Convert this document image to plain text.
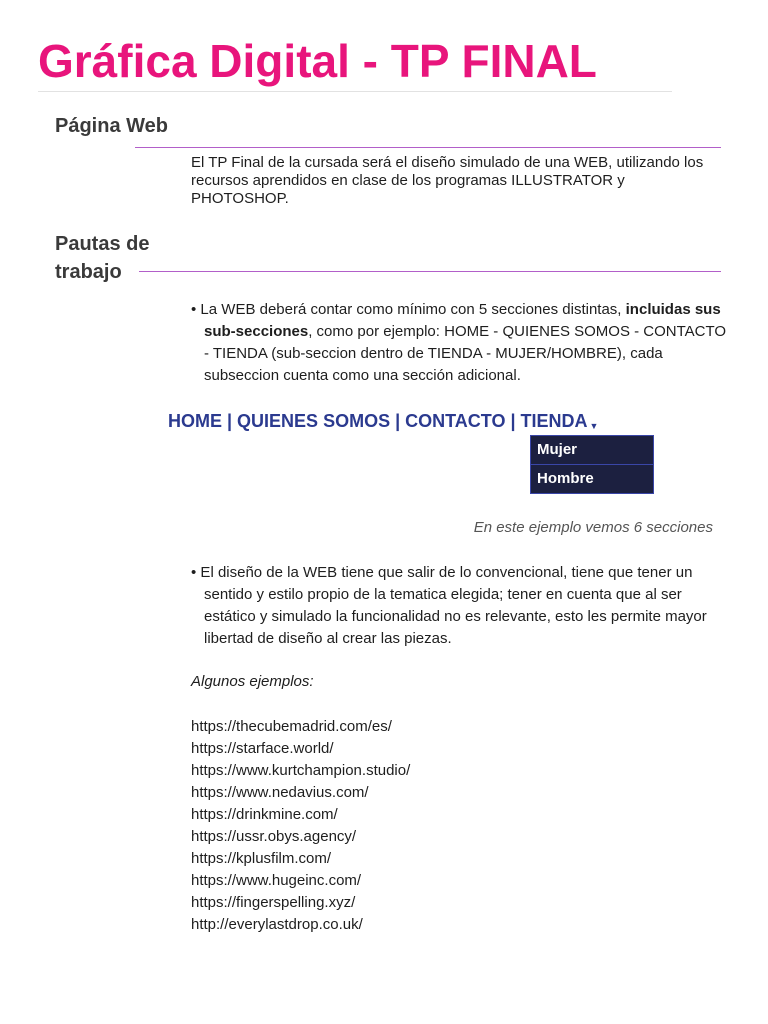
Gráfica Digital - TP FINAL
Página Web

El TP Final de la cursada será el diseño simulado de una WEB, utilizando los recursos aprendidos en clase de los programas ILLUSTRATOR y PHOTOSHOP.

Pautas de
trabajo

• La WEB deberá contar como mínimo con 5 secciones distintas, incluidas sus sub-secciones, como por ejemplo: HOME - QUIENES SOMOS - CONTACTO - TIENDA (sub-seccion dentro de TIENDA - MUJER/HOMBRE), cada subseccion cuenta como una sección adicional.

HOME | QUIENES SOMOS | CONTACTO | TIENDA ▼
Mujer
Hombre

En este ejemplo vemos 6 secciones

• El diseño de la WEB tiene que salir de lo convencional, tiene que tener un sentido y estilo propio de la tematica elegida; tener en cuenta que al ser estático y simulado la funcionalidad no es relevante, esto les permite mayor libertad de diseño al crear las piezas.

Algunos ejemplos:

https://thecubemadrid.com/es/
https://starface.world/
https://www.kurtchampion.studio/
https://www.nedavius.com/
https://drinkmine.com/
https://ussr.obys.agency/
https://kplusfilm.com/
https://www.hugeinc.com/
https://fingerspelling.xyz/
http://everylastdrop.co.uk/
